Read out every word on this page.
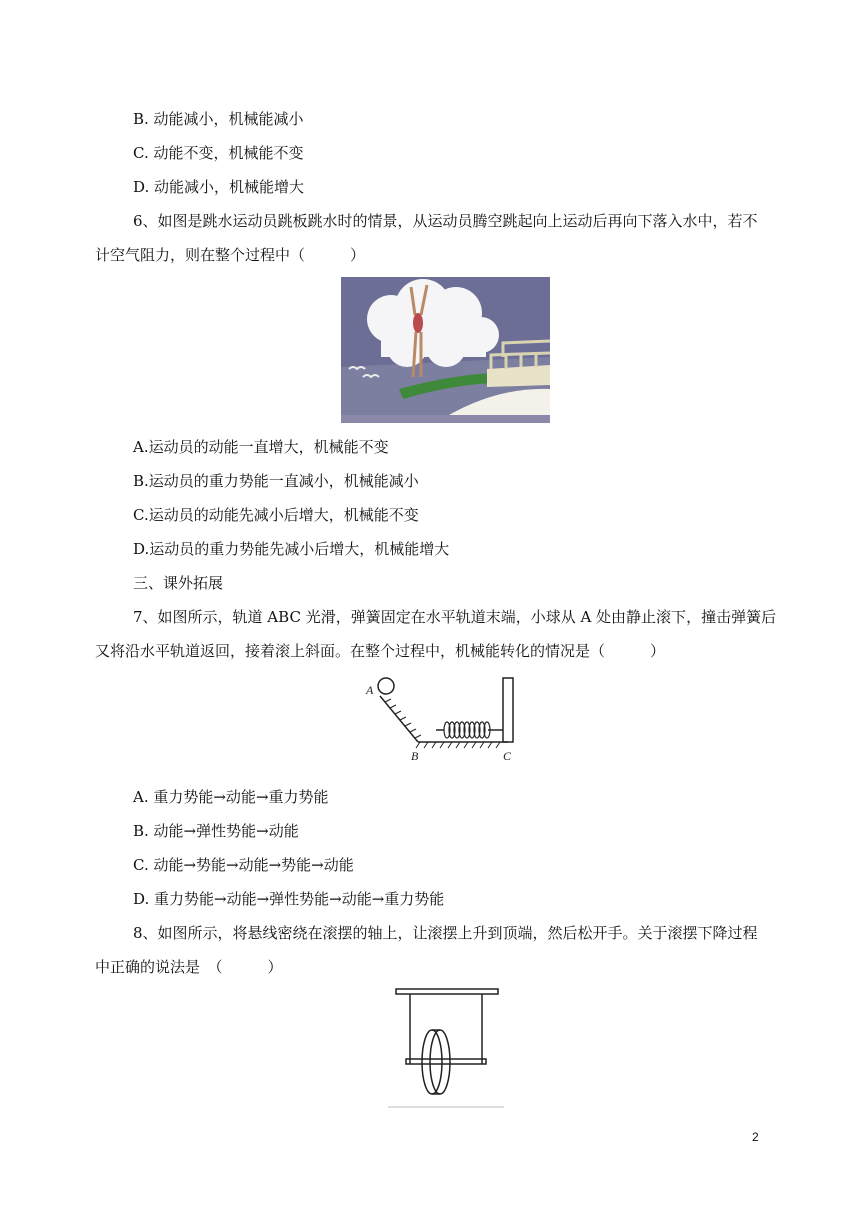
B. 动能减小，机械能减小
C. 动能不变，机械能不变
D. 动能减小，机械能增大
6、如图是跳水运动员跳板跳水时的情景，从运动员腾空跳起向上运动后再向下落入水中，若不
计空气阻力，则在整个过程中（　　　）
A.运动员的动能一直增大，机械能不变
B.运动员的重力势能一直减小，机械能减小
C.运动员的动能先减小后增大，机械能不变
D.运动员的重力势能先减小后增大，机械能增大
三、课外拓展
7、如图所示，轨道 ABC 光滑，弹簧固定在水平轨道末端，小球从 A 处由静止滚下，撞击弹簧后
又将沿水平轨道返回，接着滚上斜面。在整个过程中，机械能转化的情况是（　　　）
A
B	C
A. 重力势能→动能→重力势能
B. 动能→弹性势能→动能
C. 动能→势能→动能→势能→动能
D. 重力势能→动能→弹性势能→动能→重力势能
8、如图所示，将悬线密绕在滚摆的轴上，让滚摆上升到顶端，然后松开手。关于滚摆下降过程
中正确的说法是　（　　　）
2
